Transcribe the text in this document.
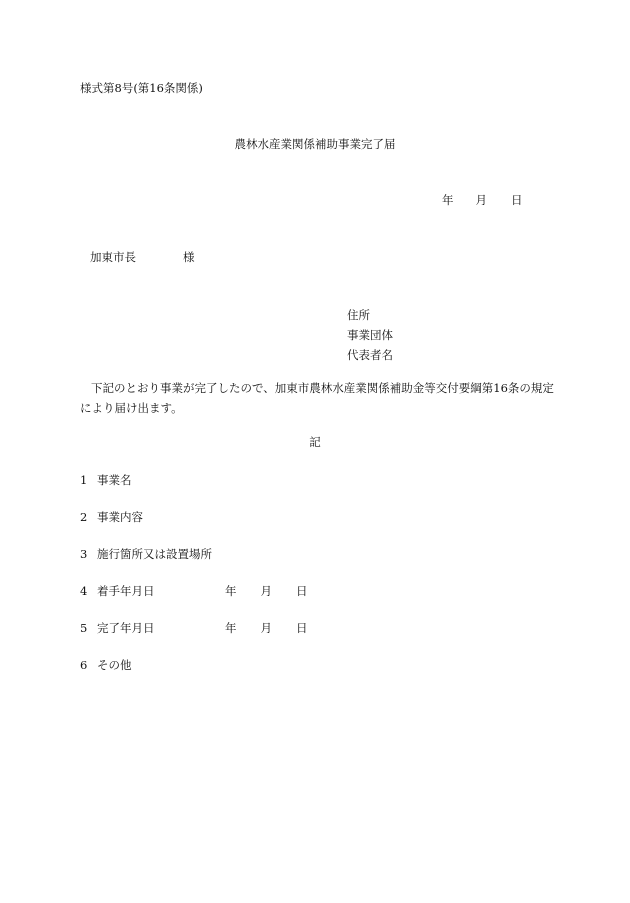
様式第8号(第16条関係)
農林水産業関係補助事業完了届
年 月 日
加東市長	様
住所
事業団体
代表者名
下記のとおり事業が完了したので、加東市農林水産業関係補助金等交付要綱第16条の規定により届け出ます。
記
1 事業名
2 事業内容
3 施行箇所又は設置場所
4 着手年月日	年 月 日
5 完了年月日	年 月 日
6 その他
